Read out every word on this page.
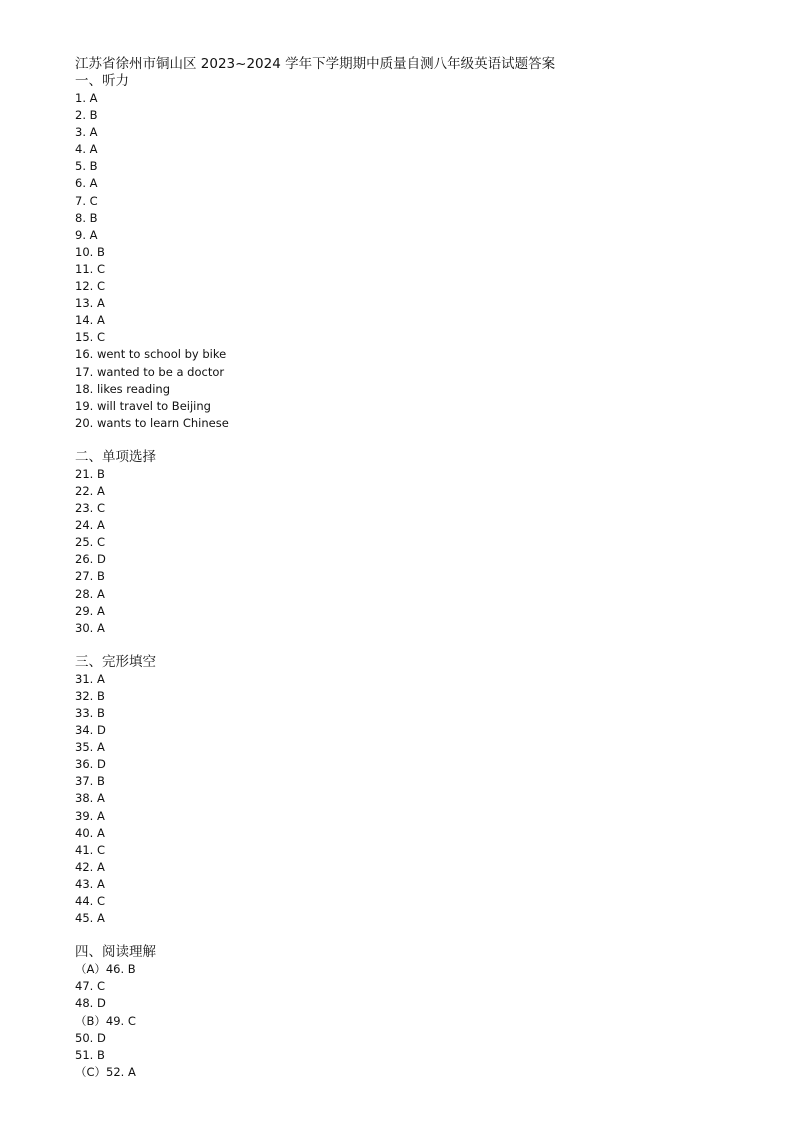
江苏省徐州市铜山区 2023~2024 学年下学期期中质量自测八年级英语试题答案
一、听力
1. A
2. B
3. A
4. A
5. B
6. A
7. C
8. B
9. A
10. B
11. C
12. C
13. A
14. A
15. C
16. went to school by bike
17. wanted to be a doctor
18. likes reading
19. will travel to Beijing
20. wants to learn Chinese
二、单项选择
21. B
22. A
23. C
24. A
25. C
26. D
27. B
28. A
29. A
30. A
三、完形填空
31. A
32. B
33. B
34. D
35. A
36. D
37. B
38. A
39. A
40. A
41. C
42. A
43. A
44. C
45. A
四、阅读理解
（A）46. B
47. C
48. D
（B）49. C
50. D
51. B
（C）52. A
